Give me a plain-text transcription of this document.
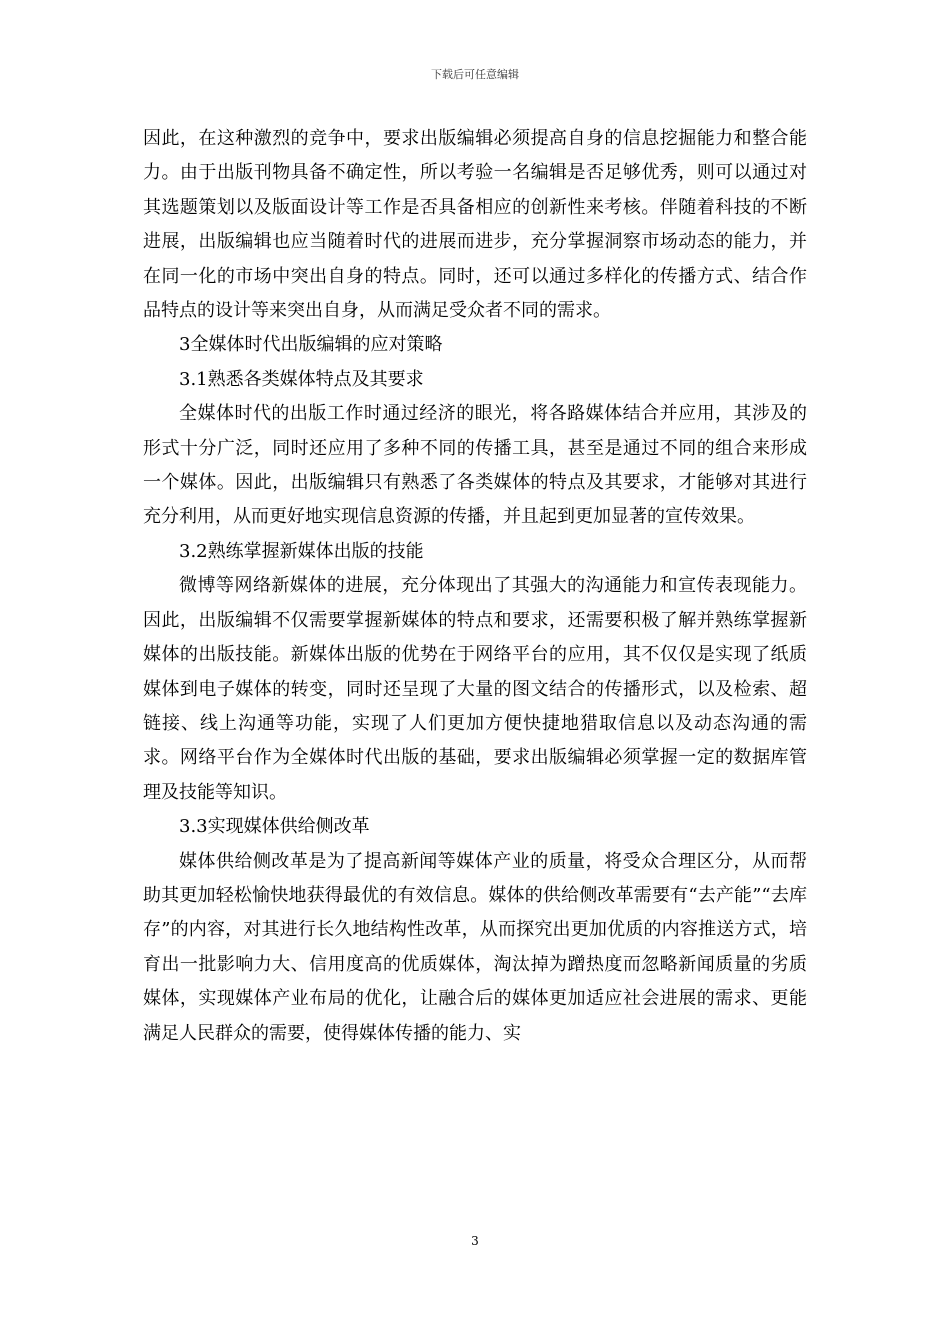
下载后可任意编辑

因此，在这种激烈的竞争中，要求出版编辑必须提高自身的信息挖掘能力和整合能力。由于出版刊物具备不确定性，所以考验一名编辑是否足够优秀，则可以通过对其选题策划以及版面设计等工作是否具备相应的创新性来考核。伴随着科技的不断进展，出版编辑也应当随着时代的进展而进步，充分掌握洞察市场动态的能力，并在同一化的市场中突出自身的特点。同时，还可以通过多样化的传播方式、结合作品特点的设计等来突出自身，从而满足受众者不同的需求。

3全媒体时代出版编辑的应对策略

3.1熟悉各类媒体特点及其要求

全媒体时代的出版工作时通过经济的眼光，将各路媒体结合并应用，其涉及的形式十分广泛，同时还应用了多种不同的传播工具，甚至是通过不同的组合来形成一个媒体。因此，出版编辑只有熟悉了各类媒体的特点及其要求，才能够对其进行充分利用，从而更好地实现信息资源的传播，并且起到更加显著的宣传效果。

3.2熟练掌握新媒体出版的技能

微博等网络新媒体的进展，充分体现出了其强大的沟通能力和宣传表现能力。因此，出版编辑不仅需要掌握新媒体的特点和要求，还需要积极了解并熟练掌握新媒体的出版技能。新媒体出版的优势在于网络平台的应用，其不仅仅是实现了纸质媒体到电子媒体的转变，同时还呈现了大量的图文结合的传播形式，以及检索、超链接、线上沟通等功能，实现了人们更加方便快捷地猎取信息以及动态沟通的需求。网络平台作为全媒体时代出版的基础，要求出版编辑必须掌握一定的数据库管理及技能等知识。

3.3实现媒体供给侧改革

媒体供给侧改革是为了提高新闻等媒体产业的质量，将受众合理区分，从而帮助其更加轻松愉快地获得最优的有效信息。媒体的供给侧改革需要有“去产能”“去库存”的内容，对其进行长久地结构性改革，从而探究出更加优质的内容推送方式，培育出一批影响力大、信用度高的优质媒体，淘汰掉为蹭热度而忽略新闻质量的劣质媒体，实现媒体产业布局的优化，让融合后的媒体更加适应社会进展的需求、更能满足人民群众的需要，使得媒体传播的能力、实

3
